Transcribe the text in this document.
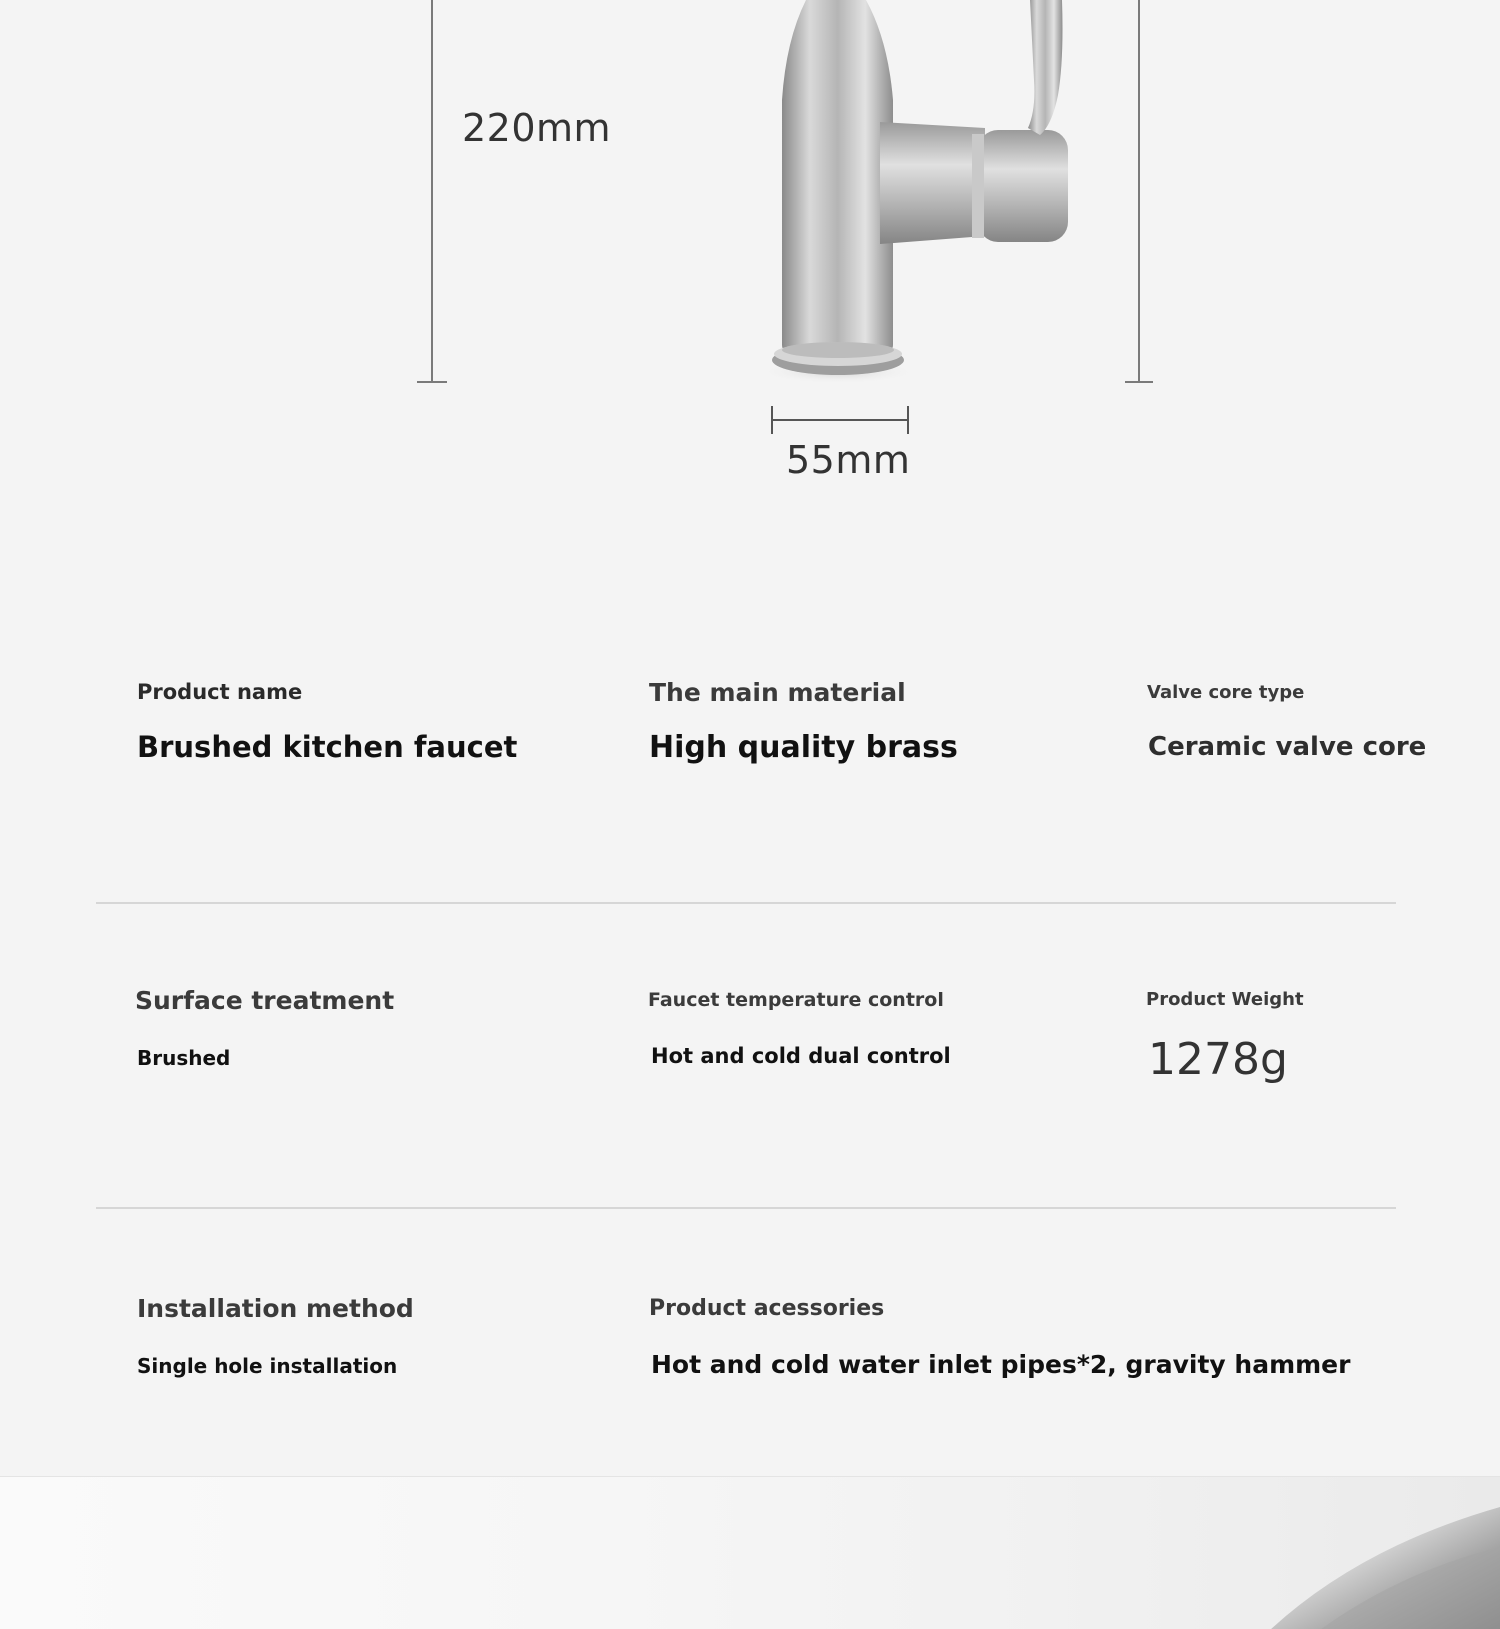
220mm
55mm
Product name
Brushed kitchen faucet
The main material
High quality brass
Valve core type
Ceramic valve core
Surface treatment
Brushed
Faucet temperature control
Hot and cold dual control
Product Weight
1278g
Installation method
Single hole installation
Product acessories
Hot and cold water inlet pipes*2, gravity hammer
